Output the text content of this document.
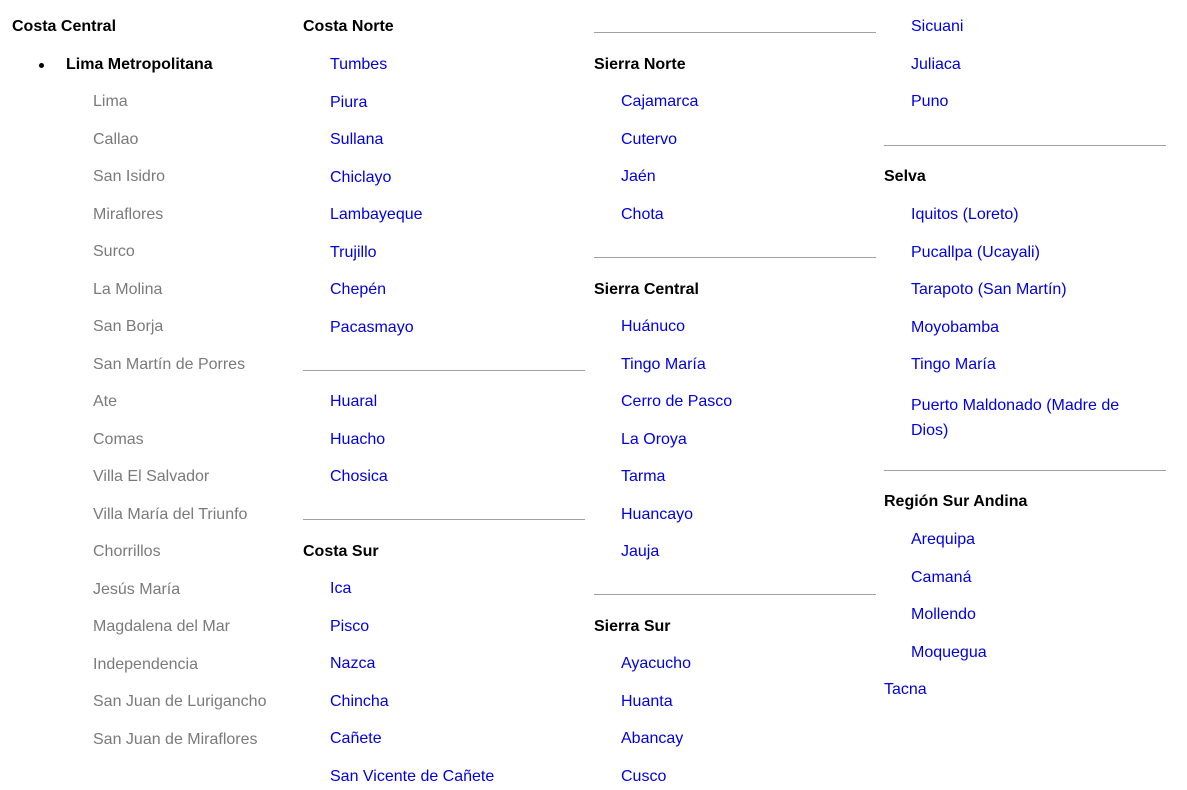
Costa Central
Lima Metropolitana
Lima
Callao
San Isidro
Miraflores
Surco
La Molina
San Borja
San Martín de Porres
Ate
Comas
Villa El Salvador
Villa María del Triunfo
Chorrillos
Jesús María
Magdalena del Mar
Independencia
San Juan de Lurigancho
San Juan de Miraflores
Costa Norte
Tumbes
Piura
Sullana
Chiclayo
Lambayeque
Trujillo
Chepén
Pacasmayo
Huaral
Huacho
Chosica
Costa Sur
Ica
Pisco
Nazca
Chincha
Cañete
San Vicente de Cañete
Sierra Norte
Cajamarca
Cutervo
Jaén
Chota
Sierra Central
Huánuco
Tingo María
Cerro de Pasco
La Oroya
Tarma
Huancayo
Jauja
Sierra Sur
Ayacucho
Huanta
Abancay
Cusco
Sicuani
Juliaca
Puno
Selva
Iquitos (Loreto)
Pucallpa (Ucayali)
Tarapoto (San Martín)
Moyobamba
Tingo María
Puerto Maldonado (Madre de Dios)
Región Sur Andina
Arequipa
Camaná
Mollendo
Moquegua
Tacna
